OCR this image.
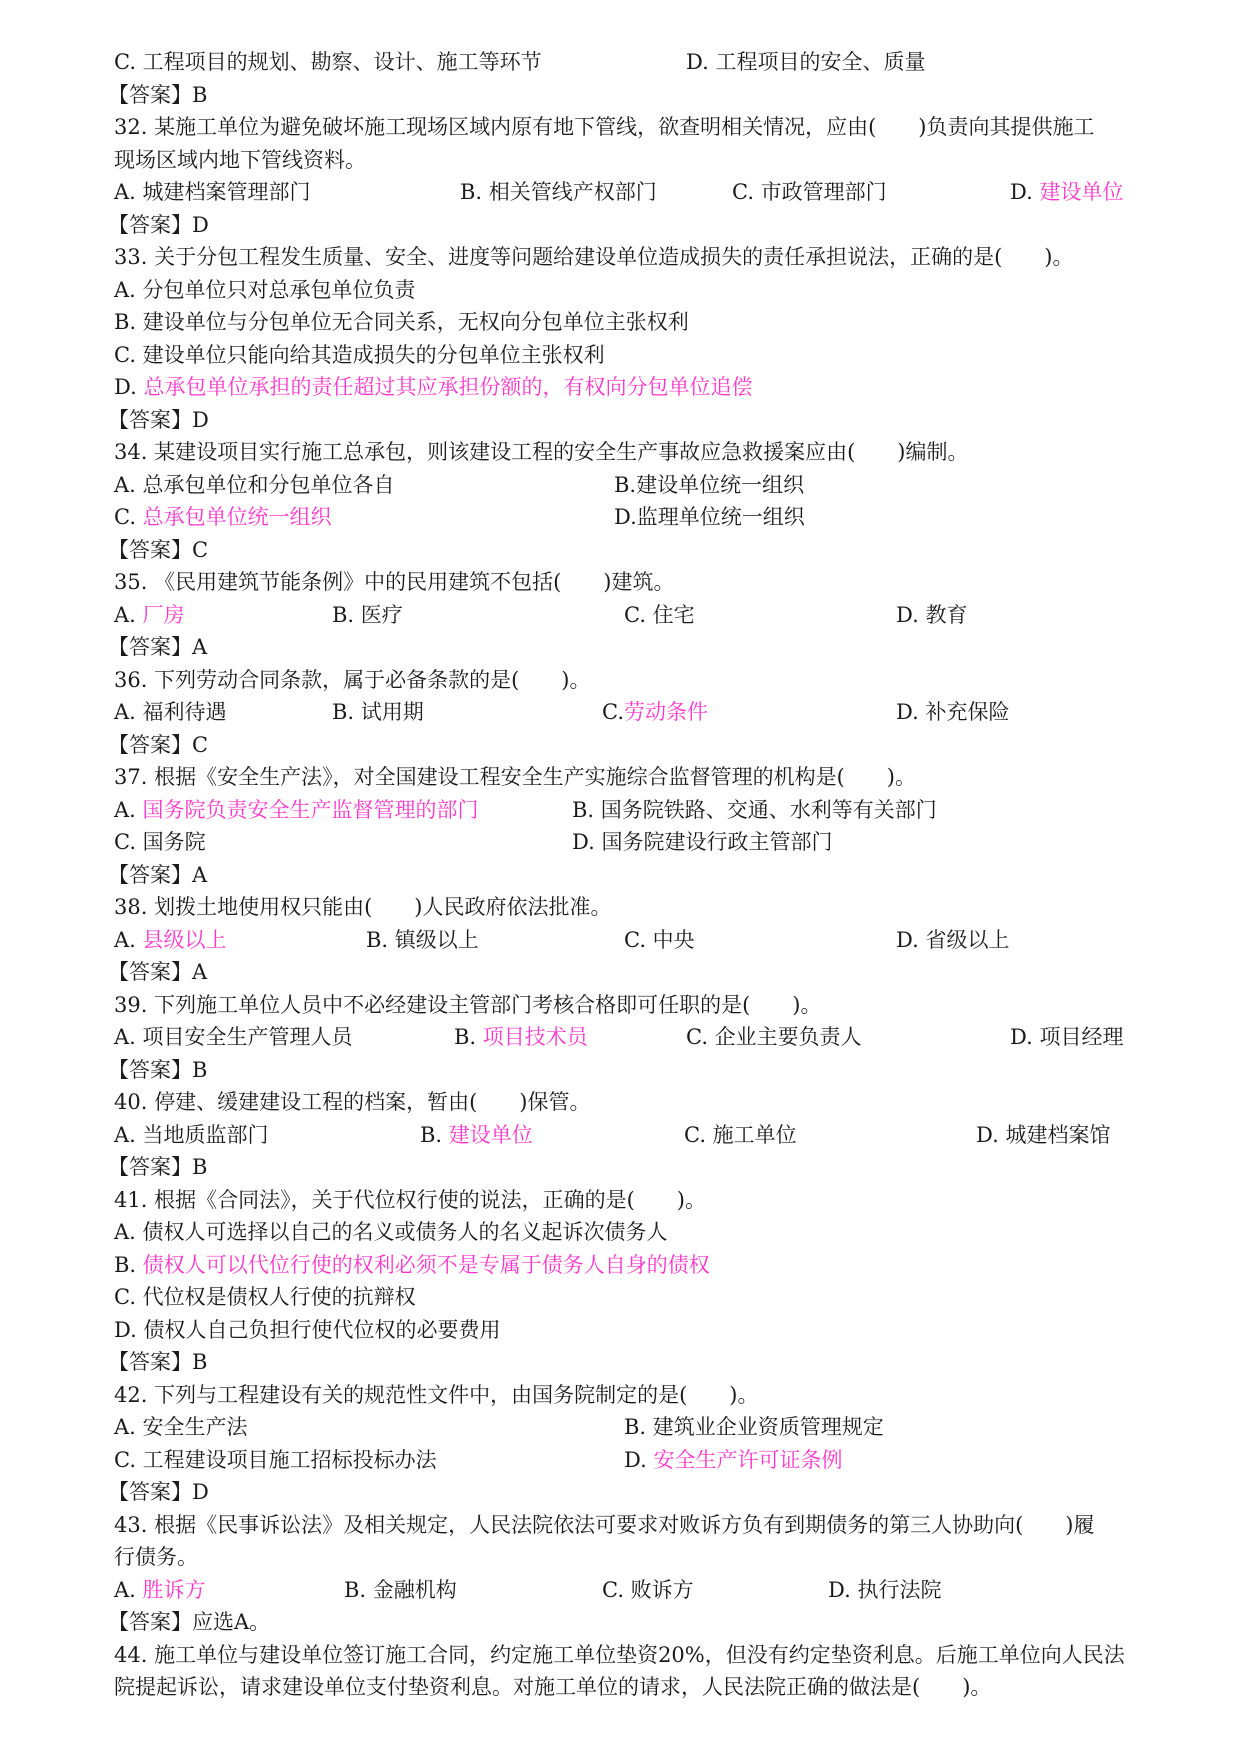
C. 工程项目的规划、勘察、设计、施工等环节	D. 工程项目的安全、质量
【答案】B
32. 某施工单位为避免破坏施工现场区域内原有地下管线，欲查明相关情况，应由(　　)负责向其提供施工
现场区域内地下管线资料。
A. 城建档案管理部门	B. 相关管线产权部门	C. 市政管理部门	D. 建设单位
【答案】D
33. 关于分包工程发生质量、安全、进度等问题给建设单位造成损失的责任承担说法，正确的是(　　)。
A. 分包单位只对总承包单位负责
B. 建设单位与分包单位无合同关系，无权向分包单位主张权利
C. 建设单位只能向给其造成损失的分包单位主张权利
D. 总承包单位承担的责任超过其应承担份额的，有权向分包单位追偿
【答案】D
34. 某建设项目实行施工总承包，则该建设工程的安全生产事故应急救援案应由(　　)编制。
A. 总承包单位和分包单位各自	B.建设单位统一组织
C. 总承包单位统一组织	D.监理单位统一组织
【答案】C
35. 《民用建筑节能条例》中的民用建筑不包括(　　)建筑。
A. 厂房	B. 医疗	C. 住宅	D. 教育
【答案】A
36. 下列劳动合同条款，属于必备条款的是(　　)。
A. 福利待遇	B. 试用期	C.劳动条件	D. 补充保险
【答案】C
37. 根据《安全生产法》，对全国建设工程安全生产实施综合监督管理的机构是(　　)。
A. 国务院负责安全生产监督管理的部门	B. 国务院铁路、交通、水利等有关部门
C. 国务院	D. 国务院建设行政主管部门
【答案】A
38. 划拨土地使用权只能由(　　)人民政府依法批准。
A. 县级以上	B. 镇级以上	C. 中央	D. 省级以上
【答案】A
39. 下列施工单位人员中不必经建设主管部门考核合格即可任职的是(　　)。
A. 项目安全生产管理人员	B. 项目技术员	C. 企业主要负责人	D. 项目经理
【答案】B
40. 停建、缓建建设工程的档案，暂由(　　)保管。
A. 当地质监部门	B. 建设单位	C. 施工单位	D. 城建档案馆
【答案】B
41. 根据《合同法》，关于代位权行使的说法，正确的是(　　)。
A. 债权人可选择以自己的名义或债务人的名义起诉次债务人
B. 债权人可以代位行使的权利必须不是专属于债务人自身的债权
C. 代位权是债权人行使的抗辩权
D. 债权人自己负担行使代位权的必要费用
【答案】B
42. 下列与工程建设有关的规范性文件中，由国务院制定的是(　　)。
A. 安全生产法	B. 建筑业企业资质管理规定
C. 工程建设项目施工招标投标办法	D. 安全生产许可证条例
【答案】D
43. 根据《民事诉讼法》及相关规定，人民法院依法可要求对败诉方负有到期债务的第三人协助向(　　)履
行债务。
A. 胜诉方	B. 金融机构	C. 败诉方	D. 执行法院
【答案】应选A。
44. 施工单位与建设单位签订施工合同，约定施工单位垫资20%，但没有约定垫资利息。后施工单位向人民法
院提起诉讼，请求建设单位支付垫资利息。对施工单位的请求，人民法院正确的做法是(　　)。
